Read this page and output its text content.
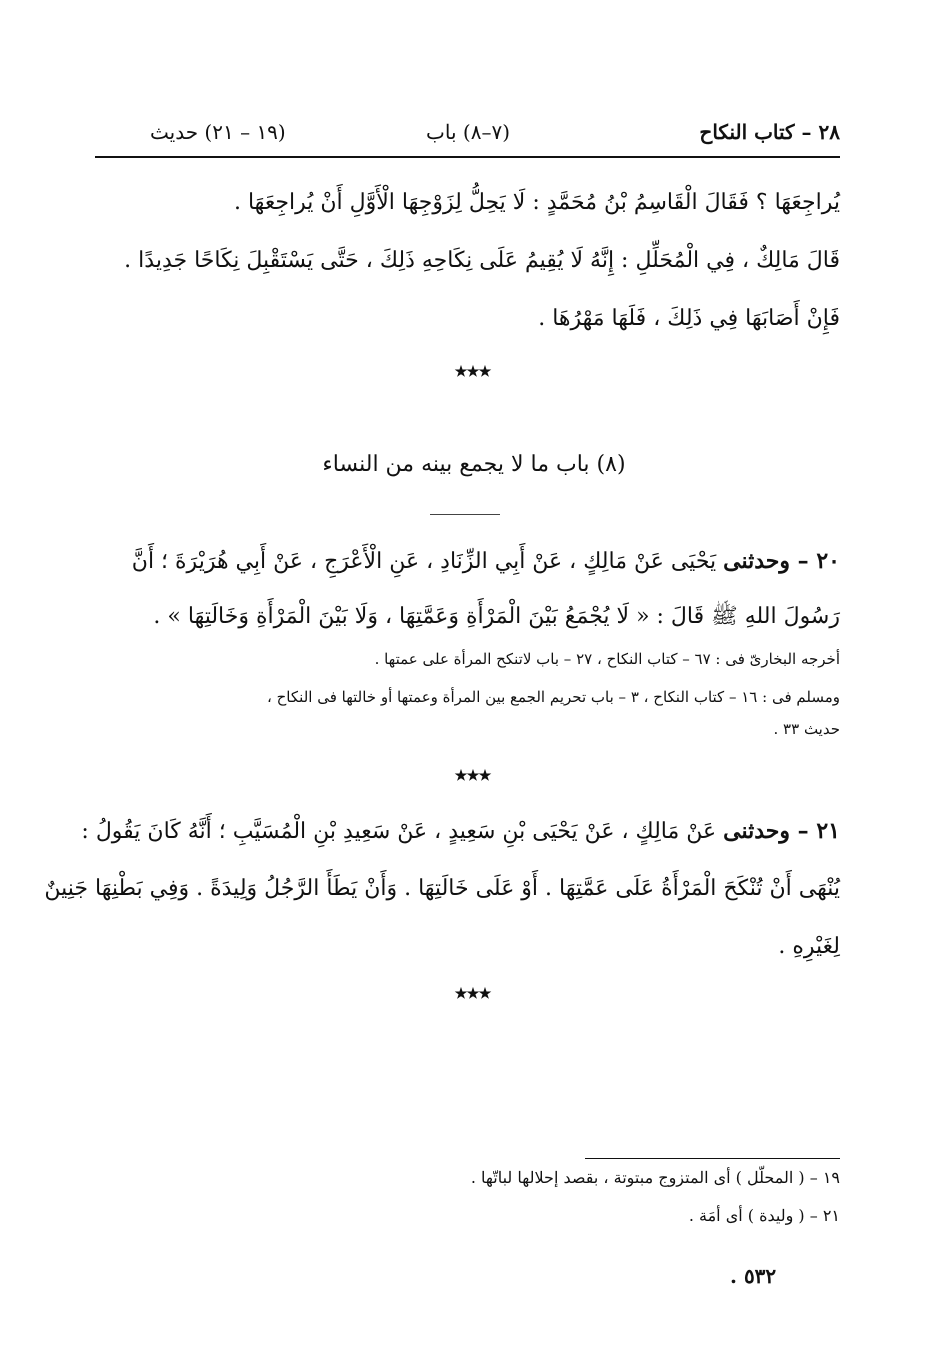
٢٨ – كتاب النكاح
(٧–٨) باب
(١٩ – ٢١) حديث
يُراجِعَهَا ؟ فَقَالَ الْقَاسِمُ بْنُ مُحَمَّدٍ : لَا يَحِلُّ لِزَوْجِهَا الْأَوَّلِ أَنْ يُراجِعَهَا .
قَالَ مَالِكٌ ، فِي الْمُحَلِّلِ : إِنَّهُ لَا يُقِيمُ عَلَى نِكَاحِهِ ذَلِكَ ، حَتَّى يَسْتَقْبِلَ نِكَاحًا جَدِيدًا .
فَإِنْ أَصَابَهَا فِي ذَلِكَ ، فَلَهَا مَهْرُهَا .
٭٭٭
(٨) باب ما لا يجمع بينه من النساء
٢٠ – وحدثنى يَحْيَى عَنْ مَالِكٍ ، عَنْ أَبِي الزِّنَادِ ، عَنِ الْأَعْرَجِ ، عَنْ أَبِي هُرَيْرَةَ ؛ أَنَّ
رَسُولَ اللهِ ﷺ قَالَ : « لَا يُجْمَعُ بَيْنَ الْمَرْأَةِ وَعَمَّتِهَا ، وَلَا بَيْنَ الْمَرْأَةِ وَخَالَتِهَا » .
أخرجه البخارىّ فى : ٦٧ – كتاب النكاح ، ٢٧ – باب لاتنكح المرأة على عمتها .
ومسلم فى : ١٦ – كتاب النكاح ، ٣ – باب تحريم الجمع بين المرأة وعمتها أو خالتها فى النكاح ،
حديث ٣٣ .
٭٭٭
٢١ – وحدثنى عَنْ مَالِكٍ ، عَنْ يَحْيَى بْنِ سَعِيدٍ ، عَنْ سَعِيدِ بْنِ الْمُسَيَّبِ ؛ أَنَّهُ كَانَ يَقُولُ :
يُنْهَى أَنْ تُنْكَحَ الْمَرْأَةُ عَلَى عَمَّتِهَا . أَوْ عَلَى خَالَتِهَا . وَأَنْ يَطَأَ الرَّجُلُ وَلِيدَةً . وَفِي بَطْنِهَا جَنِينٌ
لِغَيْرِهِ .
٭٭٭
١٩ – ( المحلّل ) أى المتزوج مبتوتة ، بقصد إحلالها لباتّها .
٢١ – ( وليدة ) أى أمَة .
٥٣٢ .
